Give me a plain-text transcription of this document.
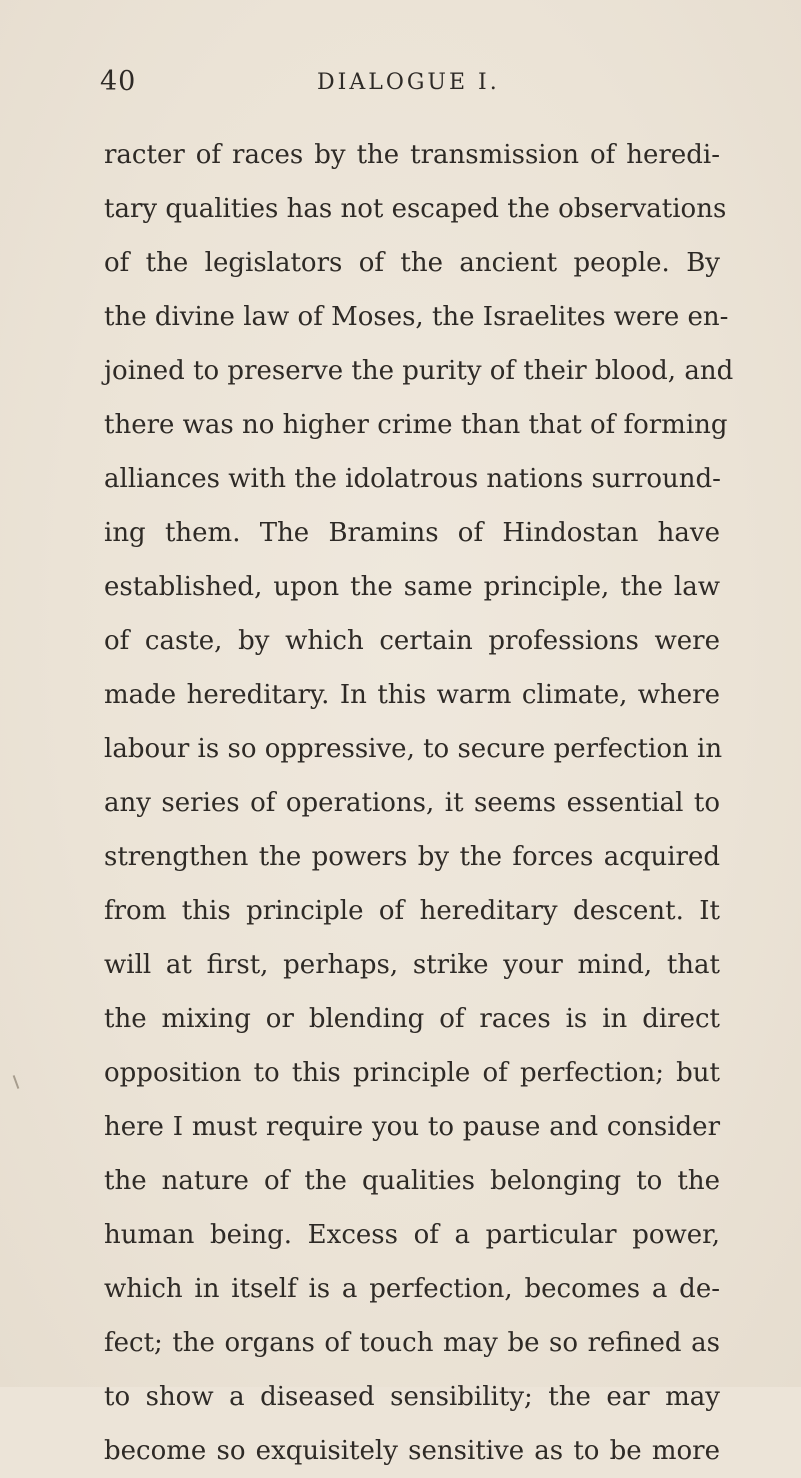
40	DIALOGUE I.
racter of races by the transmission of heredi-
tary qualities has not escaped the observations
of the legislators of the ancient people. By
the divine law of Moses, the Israelites were en-
joined to preserve the purity of their blood, and
there was no higher crime than that of forming
alliances with the idolatrous nations surround-
ing them. The Bramins of Hindostan have
established, upon the same principle, the law
of caste, by which certain professions were
made hereditary. In this warm climate, where
labour is so oppressive, to secure perfection in
any series of operations, it seems essential to
strengthen the powers by the forces acquired
from this principle of hereditary descent. It
will at first, perhaps, strike your mind, that
the mixing or blending of races is in direct
opposition to this principle of perfection; but
here I must require you to pause and consider
the nature of the qualities belonging to the
human being. Excess of a particular power,
which in itself is a perfection, becomes a de-
fect; the organs of touch may be so refined as
to show a diseased sensibility; the ear may
become so exquisitely sensitive as to be more
